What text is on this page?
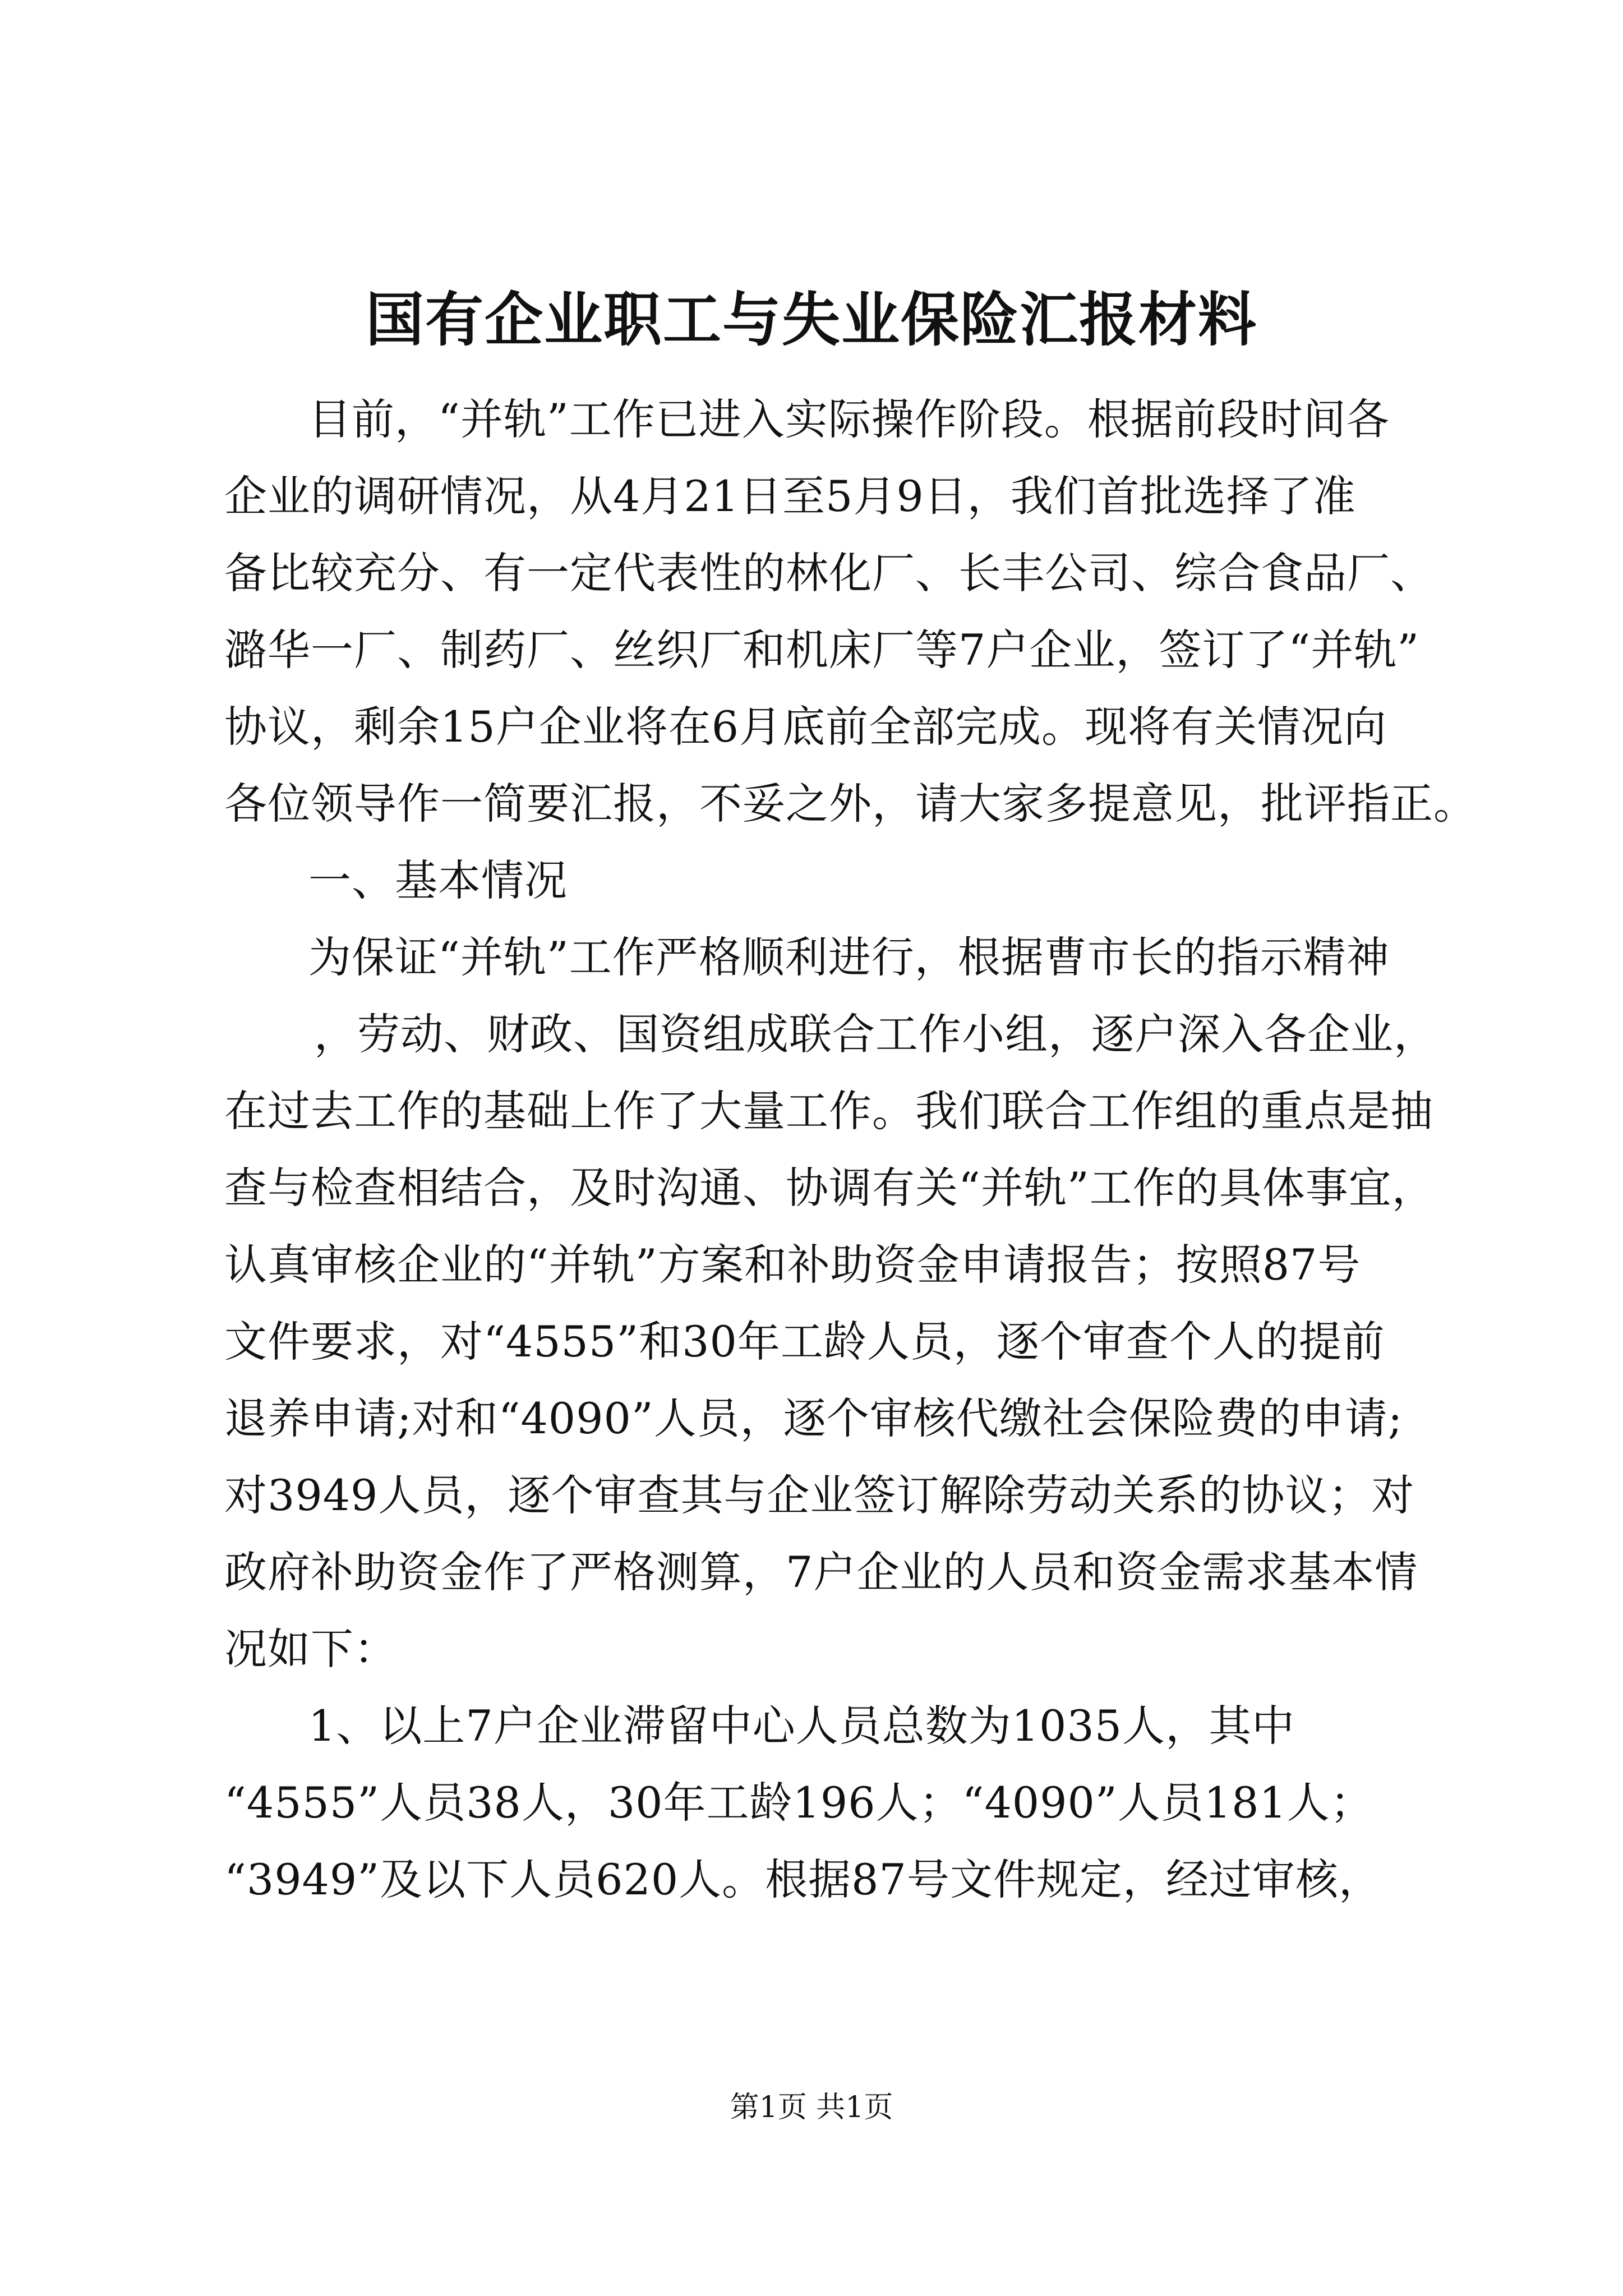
国有企业职工与失业保险汇报材料
目前，“并轨”工作已进入实际操作阶段。根据前段时间各
企业的调研情况，从4月21日至5月9日，我们首批选择了准
备比较充分、有一定代表性的林化厂、长丰公司、综合食品厂、
潞华一厂、制药厂、丝织厂和机床厂等7户企业，签订了“并轨”
协议，剩余15户企业将在6月底前全部完成。现将有关情况向
各位领导作一简要汇报，不妥之外，请大家多提意见，批评指正。
一、基本情况
为保证“并轨”工作严格顺利进行，根据曹市长的指示精神
，劳动、财政、国资组成联合工作小组，逐户深入各企业，
在过去工作的基础上作了大量工作。我们联合工作组的重点是抽
查与检查相结合，及时沟通、协调有关“并轨”工作的具体事宜，
认真审核企业的“并轨”方案和补助资金申请报告；按照87号
文件要求，对“4555”和30年工龄人员，逐个审查个人的提前
退养申请;对和“4090”人员，逐个审核代缴社会保险费的申请;
对3949人员，逐个审查其与企业签订解除劳动关系的协议；对
政府补助资金作了严格测算，7户企业的人员和资金需求基本情
况如下：
1、以上7户企业滞留中心人员总数为1035人，其中
“4555”人员38人，30年工龄196人；“4090”人员181人；
“3949”及以下人员620人。根据87号文件规定，经过审核，
第1页 共1页
